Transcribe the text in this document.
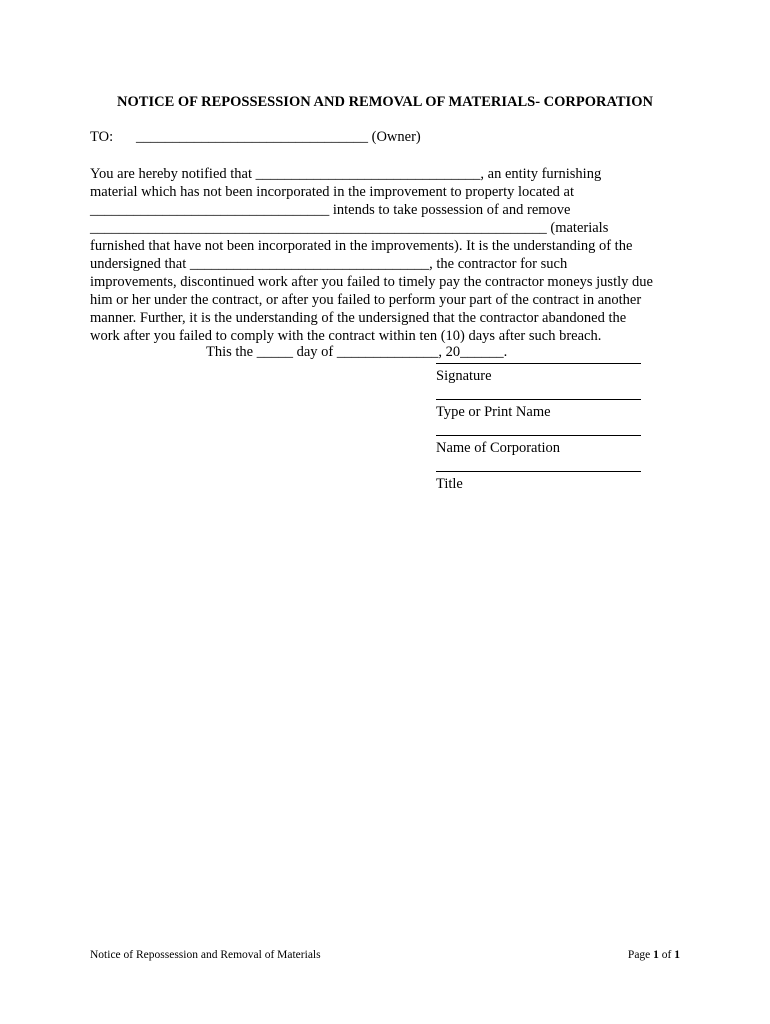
NOTICE OF REPOSSESSION AND REMOVAL OF MATERIALS- CORPORATION
TO: ________________________________ (Owner)
You are hereby notified that _______________________________, an entity furnishing
material which has not been incorporated in the improvement to property located at
_________________________________ intends to take possession of and remove
_______________________________________________________________ (materials
furnished that have not been incorporated in the improvements). It is the understanding of the
undersigned that _________________________________, the contractor for such
improvements, discontinued work after you failed to timely pay the contractor moneys justly due
him or her under the contract, or after you failed to perform your part of the contract in another
manner. Further, it is the understanding of the undersigned that the contractor abandoned the
work after you failed to comply with the contract within ten (10) days after such breach.
This the _____ day of ______________, 20______.
Signature
Type or Print Name
Name of Corporation
Title
Notice of Repossession and Removal of Materials	Page 1 of 1
